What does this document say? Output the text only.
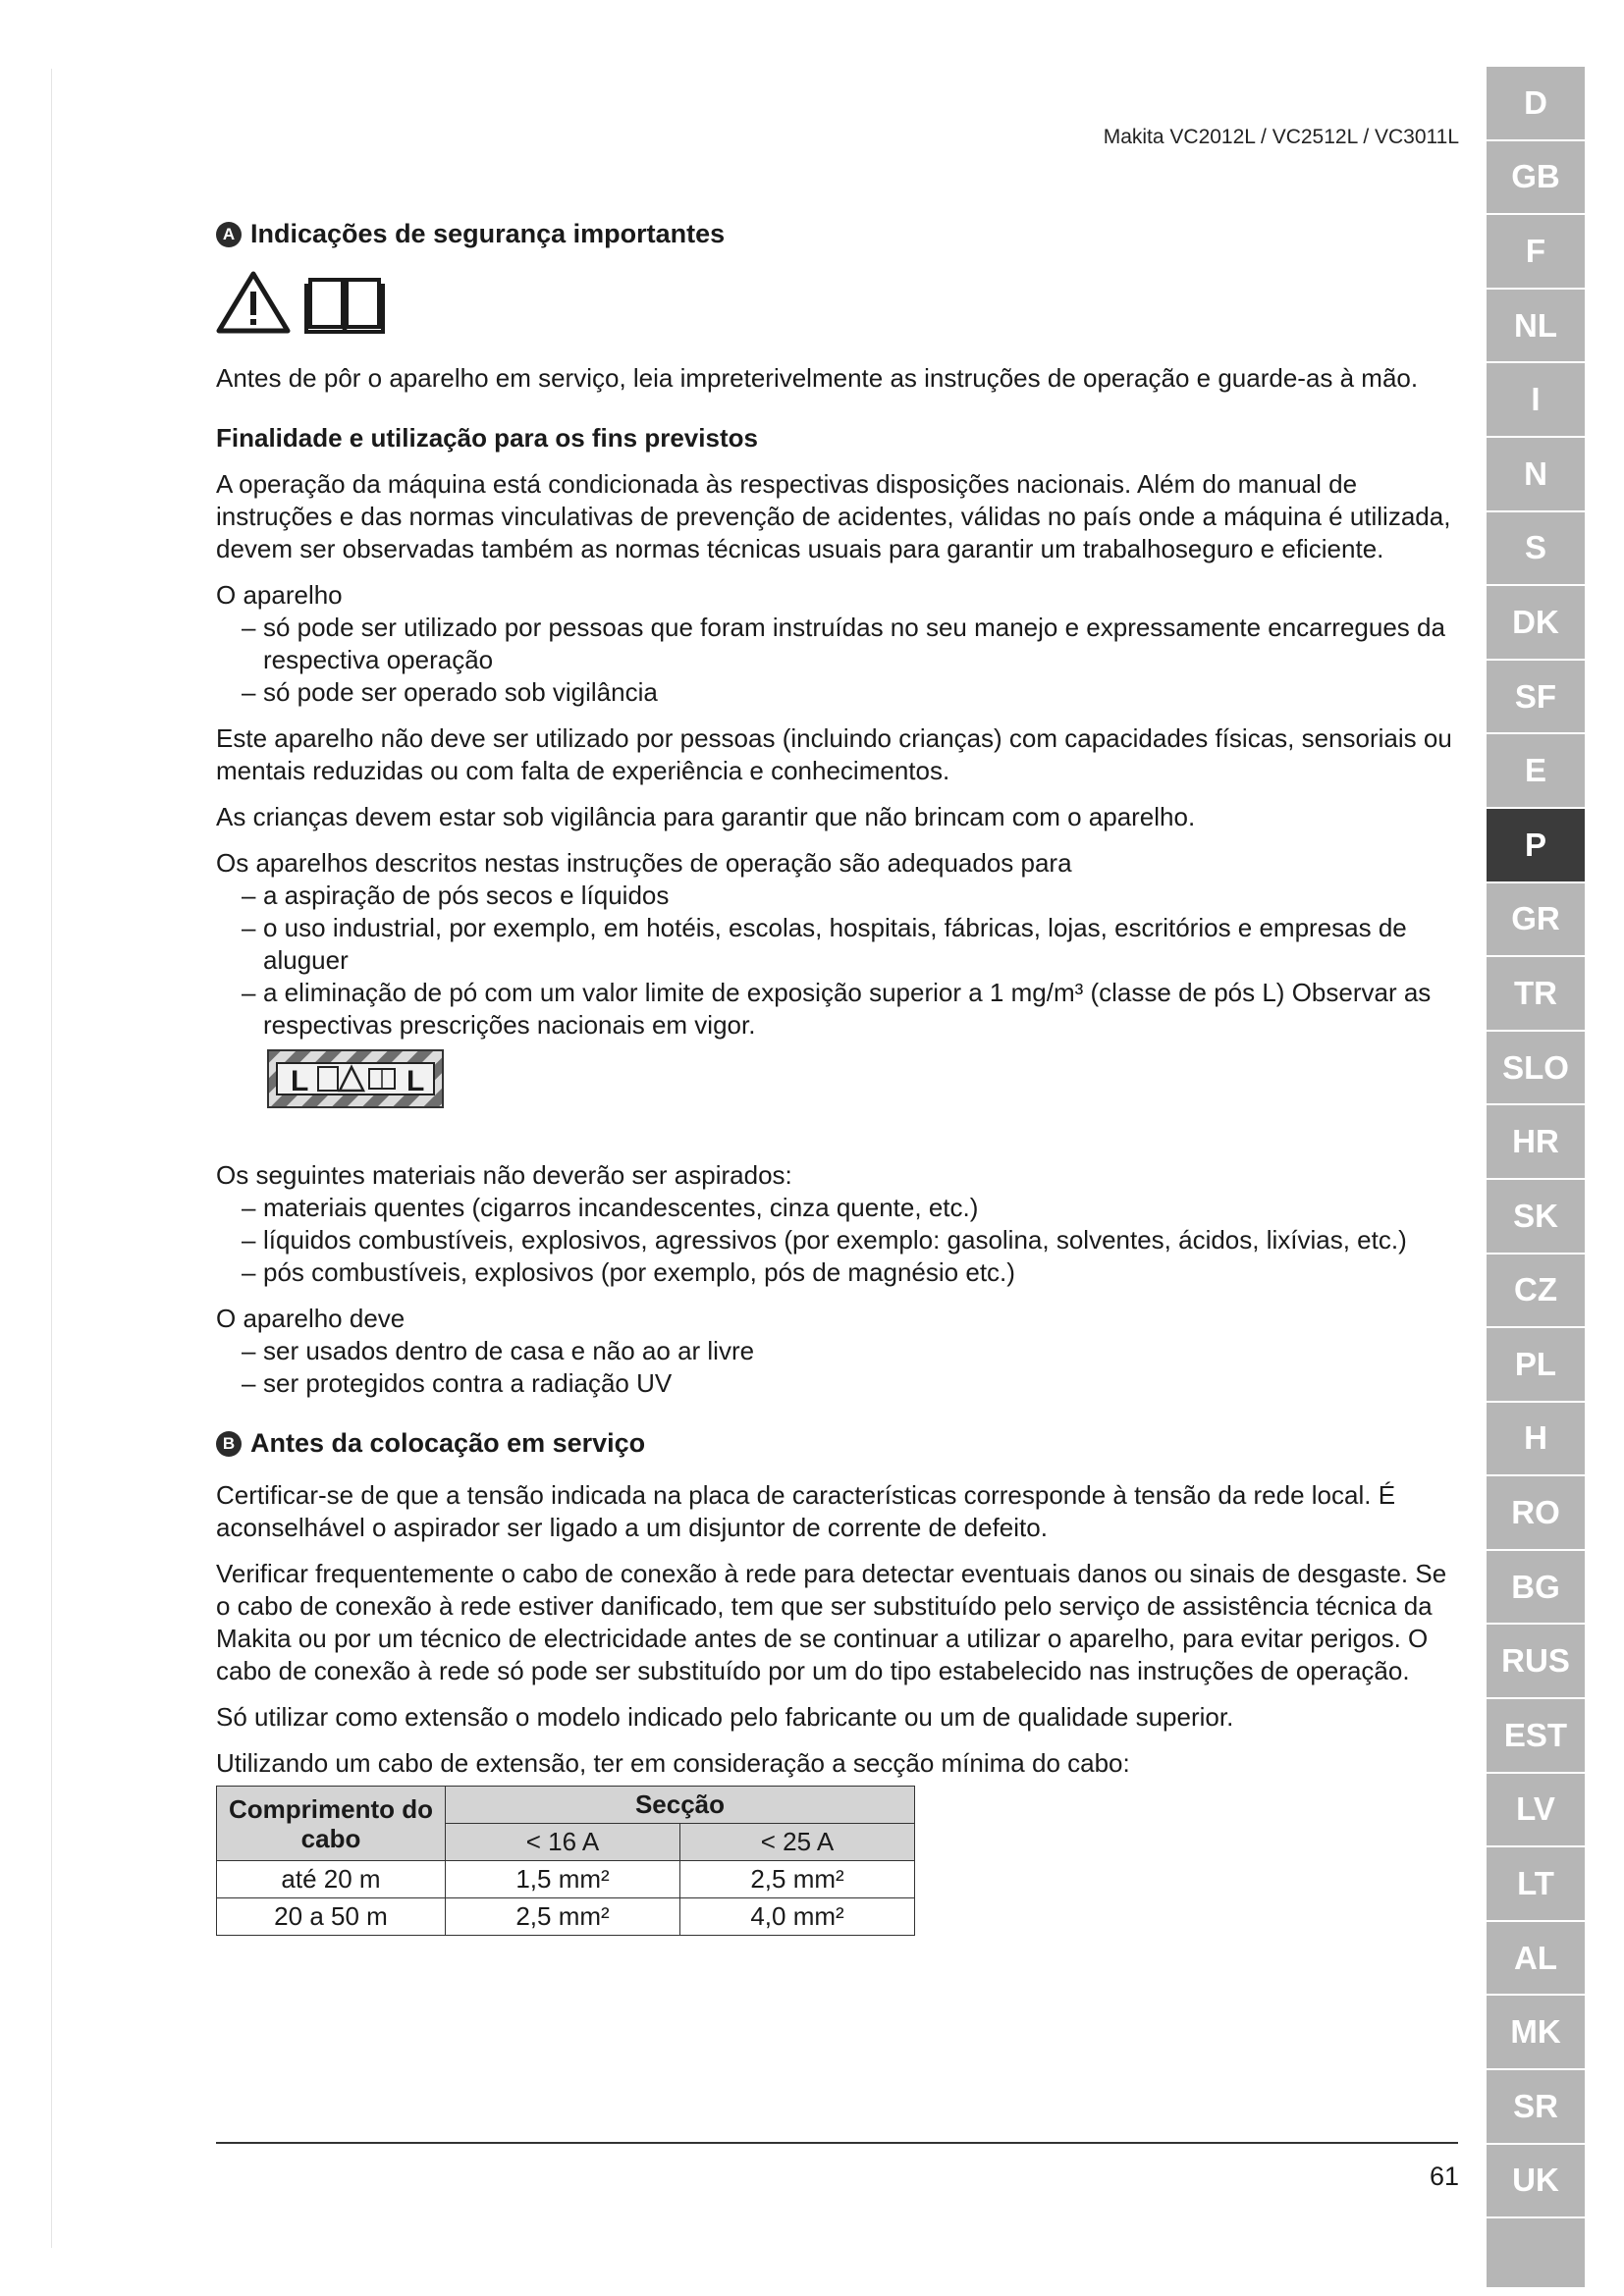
Makita VC2012L / VC2512L / VC3011L
A Indicações de segurança importantes

Antes de pôr o aparelho em serviço, leia impreterivelmente as instruções de operação e guarde-as à mão.

Finalidade e utilização para os fins previstos

A operação da máquina está condicionada às respectivas disposições nacionais. Além do manual de instruções e das normas vinculativas de prevenção de acidentes, válidas no país onde a máquina é utilizada, devem ser observadas também as normas técnicas usuais para garantir um trabalhoseguro e eficiente.

O aparelho
– só pode ser utilizado por pessoas que foram instruídas no seu manejo e expressamente encarregues da respectiva operação
– só pode ser operado sob vigilância

Este aparelho não deve ser utilizado por pessoas (incluindo crianças) com capacidades físicas, sensoriais ou mentais reduzidas ou com falta de experiência e conhecimentos.

As crianças devem estar sob vigilância para garantir que não brincam com o aparelho.

Os aparelhos descritos nestas instruções de operação são adequados para
– a aspiração de pós secos e líquidos
– o uso industrial, por exemplo, em hotéis, escolas, hospitais, fábricas, lojas, escritórios e empresas de aluguer
– a eliminação de pó com um valor limite de exposição superior a 1 mg/m³ (classe de pós L) Observar as respectivas prescrições nacionais em vigor.
L	L
Os seguintes materiais não deverão ser aspirados:
– materiais quentes (cigarros incandescentes, cinza quente, etc.)
– líquidos combustíveis, explosivos, agressivos (por exemplo: gasolina, solventes, ácidos, lixívias, etc.)
– pós combustíveis, explosivos (por exemplo, pós de magnésio etc.)
O aparelho deve
– ser usados dentro de casa e não ao ar livre
– ser protegidos contra a radiação UV
B Antes da colocação em serviço

Certificar-se de que a tensão indicada na placa de características corresponde à tensão da rede local. É aconselhável o aspirador ser ligado a um disjuntor de corrente de defeito.

Verificar frequentemente o cabo de conexão à rede para detectar eventuais danos ou sinais de desgaste. Se o cabo de conexão à rede estiver danificado, tem que ser substituído pelo serviço de assistência técnica da Makita ou por um técnico de electricidade antes de se continuar a utilizar o aparelho, para evitar perigos. O cabo de conexão à rede só pode ser substituído por um do tipo estabelecido nas instruções de operação.

Só utilizar como extensão o modelo indicado pelo fabricante ou um de qualidade superior.

Utilizando um cabo de extensão, ter em consideração a secção mínima do cabo:

Comprimento do cabo	Secção	
	< 16 A	< 25 A
até 20 m	1,5 mm²	2,5 mm²
20 a 50 m	2,5 mm²	4,0 mm²
61
D
GB
F
NL
I
N
S
DK
SF
E
P
GR
TR
SLO
HR
SK
CZ
PL
H
RO
BG
RUS
EST
LV
LT
AL
MK
SR
UK
